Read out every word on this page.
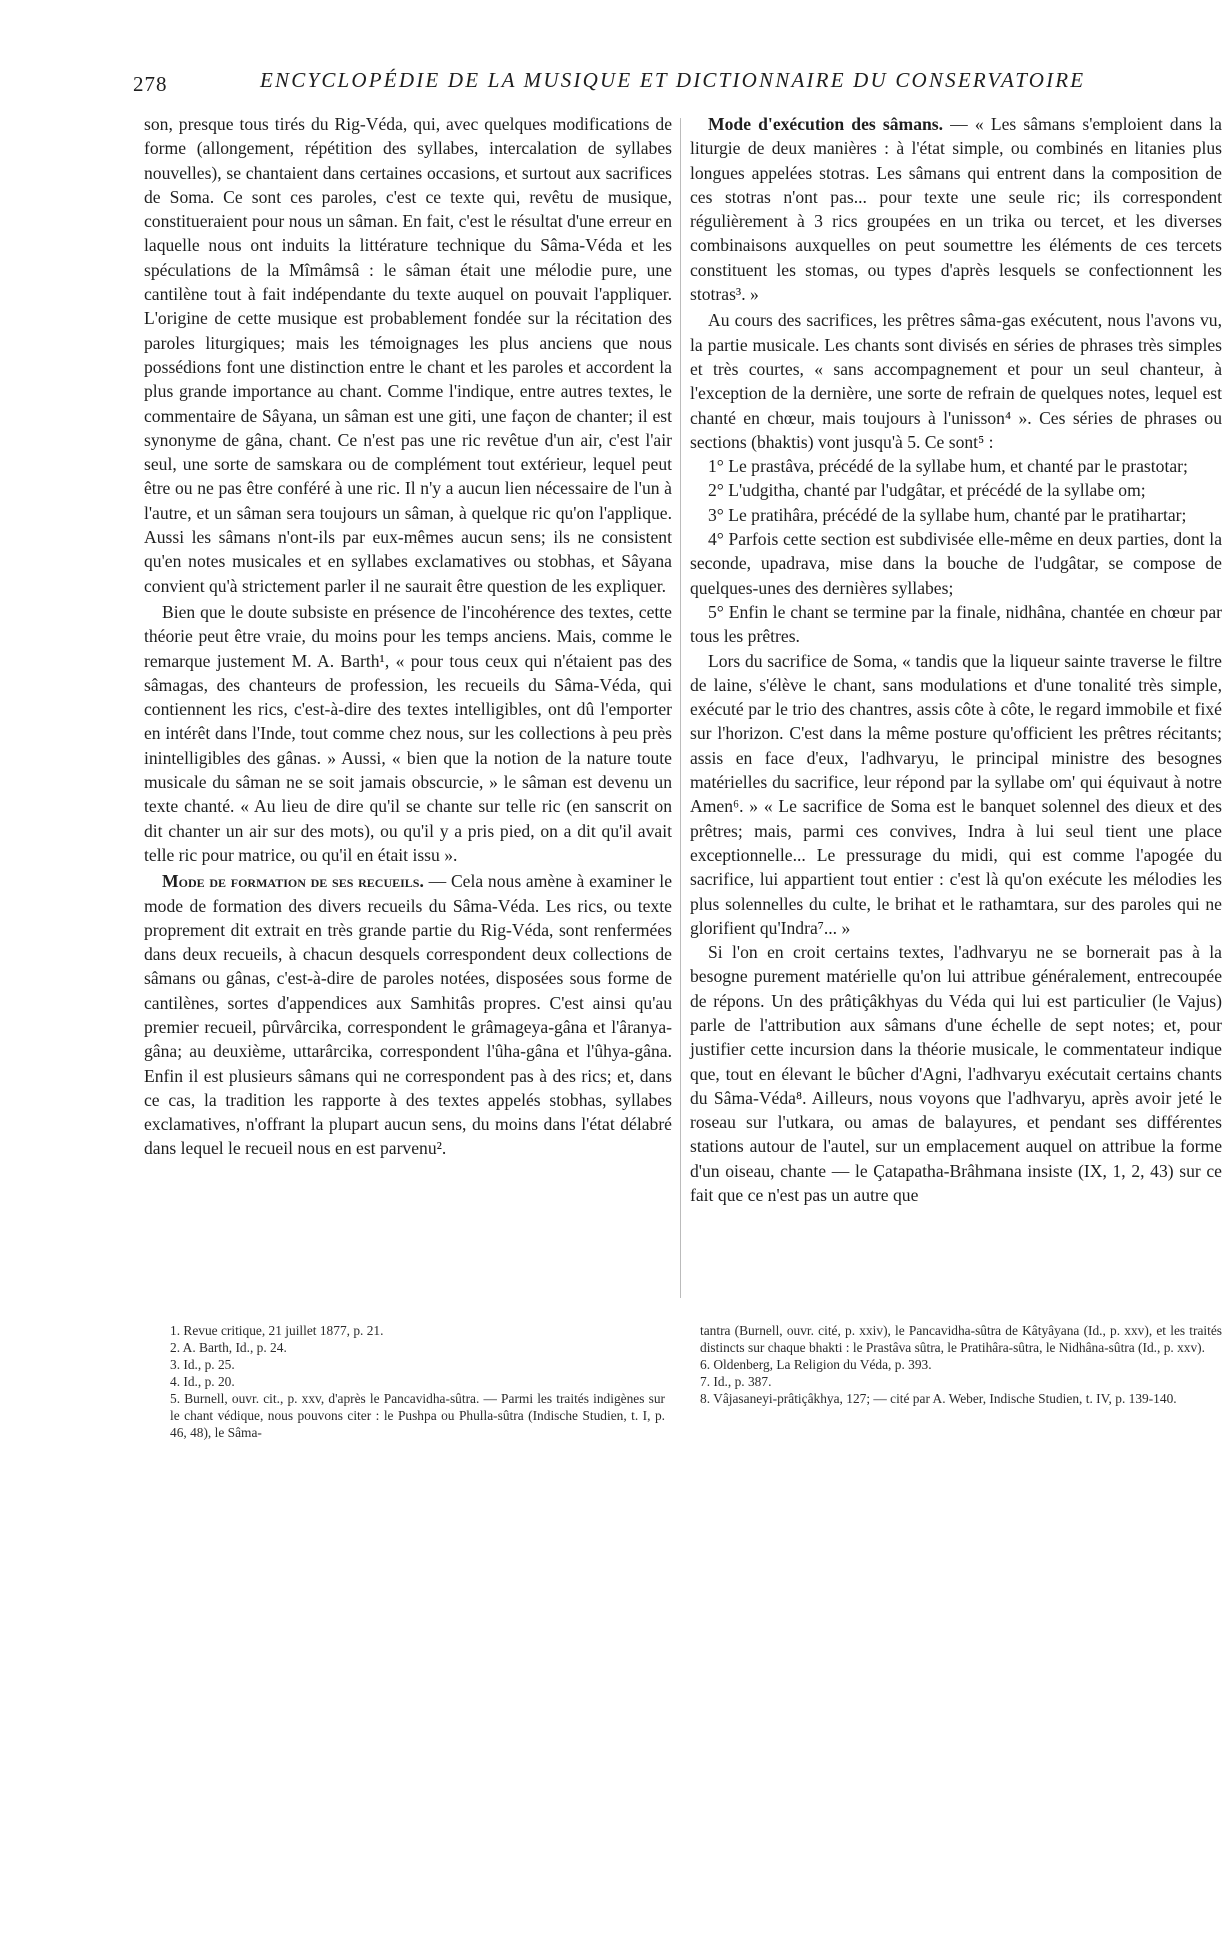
278	ENCYCLOPÉDIE DE LA MUSIQUE ET DICTIONNAIRE DU CONSERVATOIRE

son, presque tous tirés du Rig-Véda, qui, avec quelques modifications de forme (allongement, répétition des syllabes, intercalation de syllabes nouvelles), se chantaient dans certaines occasions, et surtout aux sacrifices de Soma. Ce sont ces paroles, c'est ce texte qui, revêtu de musique, constitueraient pour nous un sâman. En fait, c'est le résultat d'une erreur en laquelle nous ont induits la littérature technique du Sâma-Véda et les spéculations de la Mîmâmsâ : le sâman était une mélodie pure, une cantilène tout à fait indépendante du texte auquel on pouvait l'appliquer. L'origine de cette musique est probablement fondée sur la récitation des paroles liturgiques; mais les témoignages les plus anciens que nous possédions font une distinction entre le chant et les paroles et accordent la plus grande importance au chant. Comme l'indique, entre autres textes, le commentaire de Sâyana, un sâman est une giti, une façon de chanter; il est synonyme de gâna, chant. Ce n'est pas une ric revêtue d'un air, c'est l'air seul, une sorte de samskara ou de complément tout extérieur, lequel peut être ou ne pas être conféré à une ric. Il n'y a aucun lien nécessaire de l'un à l'autre, et un sâman sera toujours un sâman, à quelque ric qu'on l'applique. Aussi les sâmans n'ont-ils par eux-mêmes aucun sens; ils ne consistent qu'en notes musicales et en syllabes exclamatives ou stobhas, et Sâyana convient qu'à strictement parler il ne saurait être question de les expliquer.

Bien que le doute subsiste en présence de l'incohérence des textes, cette théorie peut être vraie, du moins pour les temps anciens. Mais, comme le remarque justement M. A. Barth¹, « pour tous ceux qui n'étaient pas des sâmagas, des chanteurs de profession, les recueils du Sâma-Véda, qui contiennent les rics, c'est-à-dire des textes intelligibles, ont dû l'emporter en intérêt dans l'Inde, tout comme chez nous, sur les collections à peu près inintelligibles des gânas. » Aussi, « bien que la notion de la nature toute musicale du sâman ne se soit jamais obscurcie, » le sâman est devenu un texte chanté. « Au lieu de dire qu'il se chante sur telle ric (en sanscrit on dit chanter un air sur des mots), ou qu'il y a pris pied, on a dit qu'il avait telle ric pour matrice, ou qu'il en était issu ».

Mode de formation de ses recueils. — Cela nous amène à examiner le mode de formation des divers recueils du Sâma-Véda. Les rics, ou texte proprement dit extrait en très grande partie du Rig-Véda, sont renfermées dans deux recueils, à chacun desquels correspondent deux collections de sâmans ou gânas, c'est-à-dire de paroles notées, disposées sous forme de cantilènes, sortes d'appendices aux Samhitâs propres. C'est ainsi qu'au premier recueil, pûrvârcika, correspondent le grâmageya-gâna et l'âranya-gâna; au deuxième, uttarârcika, correspondent l'ûha-gâna et l'ûhya-gâna. Enfin il est plusieurs sâmans qui ne correspondent pas à des rics; et, dans ce cas, la tradition les rapporte à des textes appelés stobhas, syllabes exclamatives, n'offrant la plupart aucun sens, du moins dans l'état délabré dans lequel le recueil nous en est parvenu².

Mode d'exécution des sâmans. — « Les sâmans s'emploient dans la liturgie de deux manières : à l'état simple, ou combinés en litanies plus longues appelées stotras. Les sâmans qui entrent dans la composition de ces stotras n'ont pas... pour texte une seule ric; ils correspondent régulièrement à 3 rics groupées en un trika ou tercet, et les diverses combinaisons auxquelles on peut soumettre les éléments de ces tercets constituent les stomas, ou types d'après lesquels se confectionnent les stotras³. »

Au cours des sacrifices, les prêtres sâma-gas exécutent, nous l'avons vu, la partie musicale. Les chants sont divisés en séries de phrases très simples et très courtes, « sans accompagnement et pour un seul chanteur, à l'exception de la dernière, une sorte de refrain de quelques notes, lequel est chanté en chœur, mais toujours à l'unisson⁴ ». Ces séries de phrases ou sections (bhaktis) vont jusqu'à 5. Ce sont⁵ :

1° Le prastâva, précédé de la syllabe hum, et chanté par le prastotar;

2° L'udgitha, chanté par l'udgâtar, et précédé de la syllabe om;

3° Le pratihâra, précédé de la syllabe hum, chanté par le pratihartar;

4° Parfois cette section est subdivisée elle-même en deux parties, dont la seconde, upadrava, mise dans la bouche de l'udgâtar, se compose de quelques-unes des dernières syllabes;

5° Enfin le chant se termine par la finale, nidhâna, chantée en chœur par tous les prêtres.

Lors du sacrifice de Soma, « tandis que la liqueur sainte traverse le filtre de laine, s'élève le chant, sans modulations et d'une tonalité très simple, exécuté par le trio des chantres, assis côte à côte, le regard immobile et fixé sur l'horizon. C'est dans la même posture qu'officient les prêtres récitants; assis en face d'eux, l'adhvaryu, le principal ministre des besognes matérielles du sacrifice, leur répond par la syllabe om' qui équivaut à notre Amen⁶. » « Le sacrifice de Soma est le banquet solennel des dieux et des prêtres; mais, parmi ces convives, Indra à lui seul tient une place exceptionnelle... Le pressurage du midi, qui est comme l'apogée du sacrifice, lui appartient tout entier : c'est là qu'on exécute les mélodies les plus solennelles du culte, le brihat et le rathamtara, sur des paroles qui ne glorifient qu'Indra⁷... »

Si l'on en croit certains textes, l'adhvaryu ne se bornerait pas à la besogne purement matérielle qu'on lui attribue généralement, entrecoupée de répons. Un des prâtiçâkhyas du Véda qui lui est particulier (le Vajus) parle de l'attribution aux sâmans d'une échelle de sept notes; et, pour justifier cette incursion dans la théorie musicale, le commentateur indique que, tout en élevant le bûcher d'Agni, l'adhvaryu exécutait certains chants du Sâma-Véda⁸. Ailleurs, nous voyons que l'adhvaryu, après avoir jeté le roseau sur l'utkara, ou amas de balayures, et pendant ses différentes stations autour de l'autel, sur un emplacement auquel on attribue la forme d'un oiseau, chante — le Çatapatha-Brâhmana insiste (IX, 1, 2, 43) sur ce fait que ce n'est pas un autre que

1. Revue critique, 21 juillet 1877, p. 21.

2. A. Barth, Id., p. 24.

3. Id., p. 25.

4. Id., p. 20.

5. Burnell, ouvr. cit., p. xxv, d'après le Pancavidha-sûtra. — Parmi les traités indigènes sur le chant védique, nous pouvons citer : le Pushpa ou Phulla-sûtra (Indische Studien, t. I, p. 46, 48), le Sâma-

tantra (Burnell, ouvr. cité, p. xxiv), le Pancavidha-sûtra de Kâtyâyana (Id., p. xxv), et les traités distincts sur chaque bhakti : le Prastâva sûtra, le Pratihâra-sûtra, le Nidhâna-sûtra (Id., p. xxv).

6. Oldenberg, La Religion du Véda, p. 393.

7. Id., p. 387.

8. Vâjasaneyi-prâtiçâkhya, 127; — cité par A. Weber, Indische Studien, t. IV, p. 139-140.
